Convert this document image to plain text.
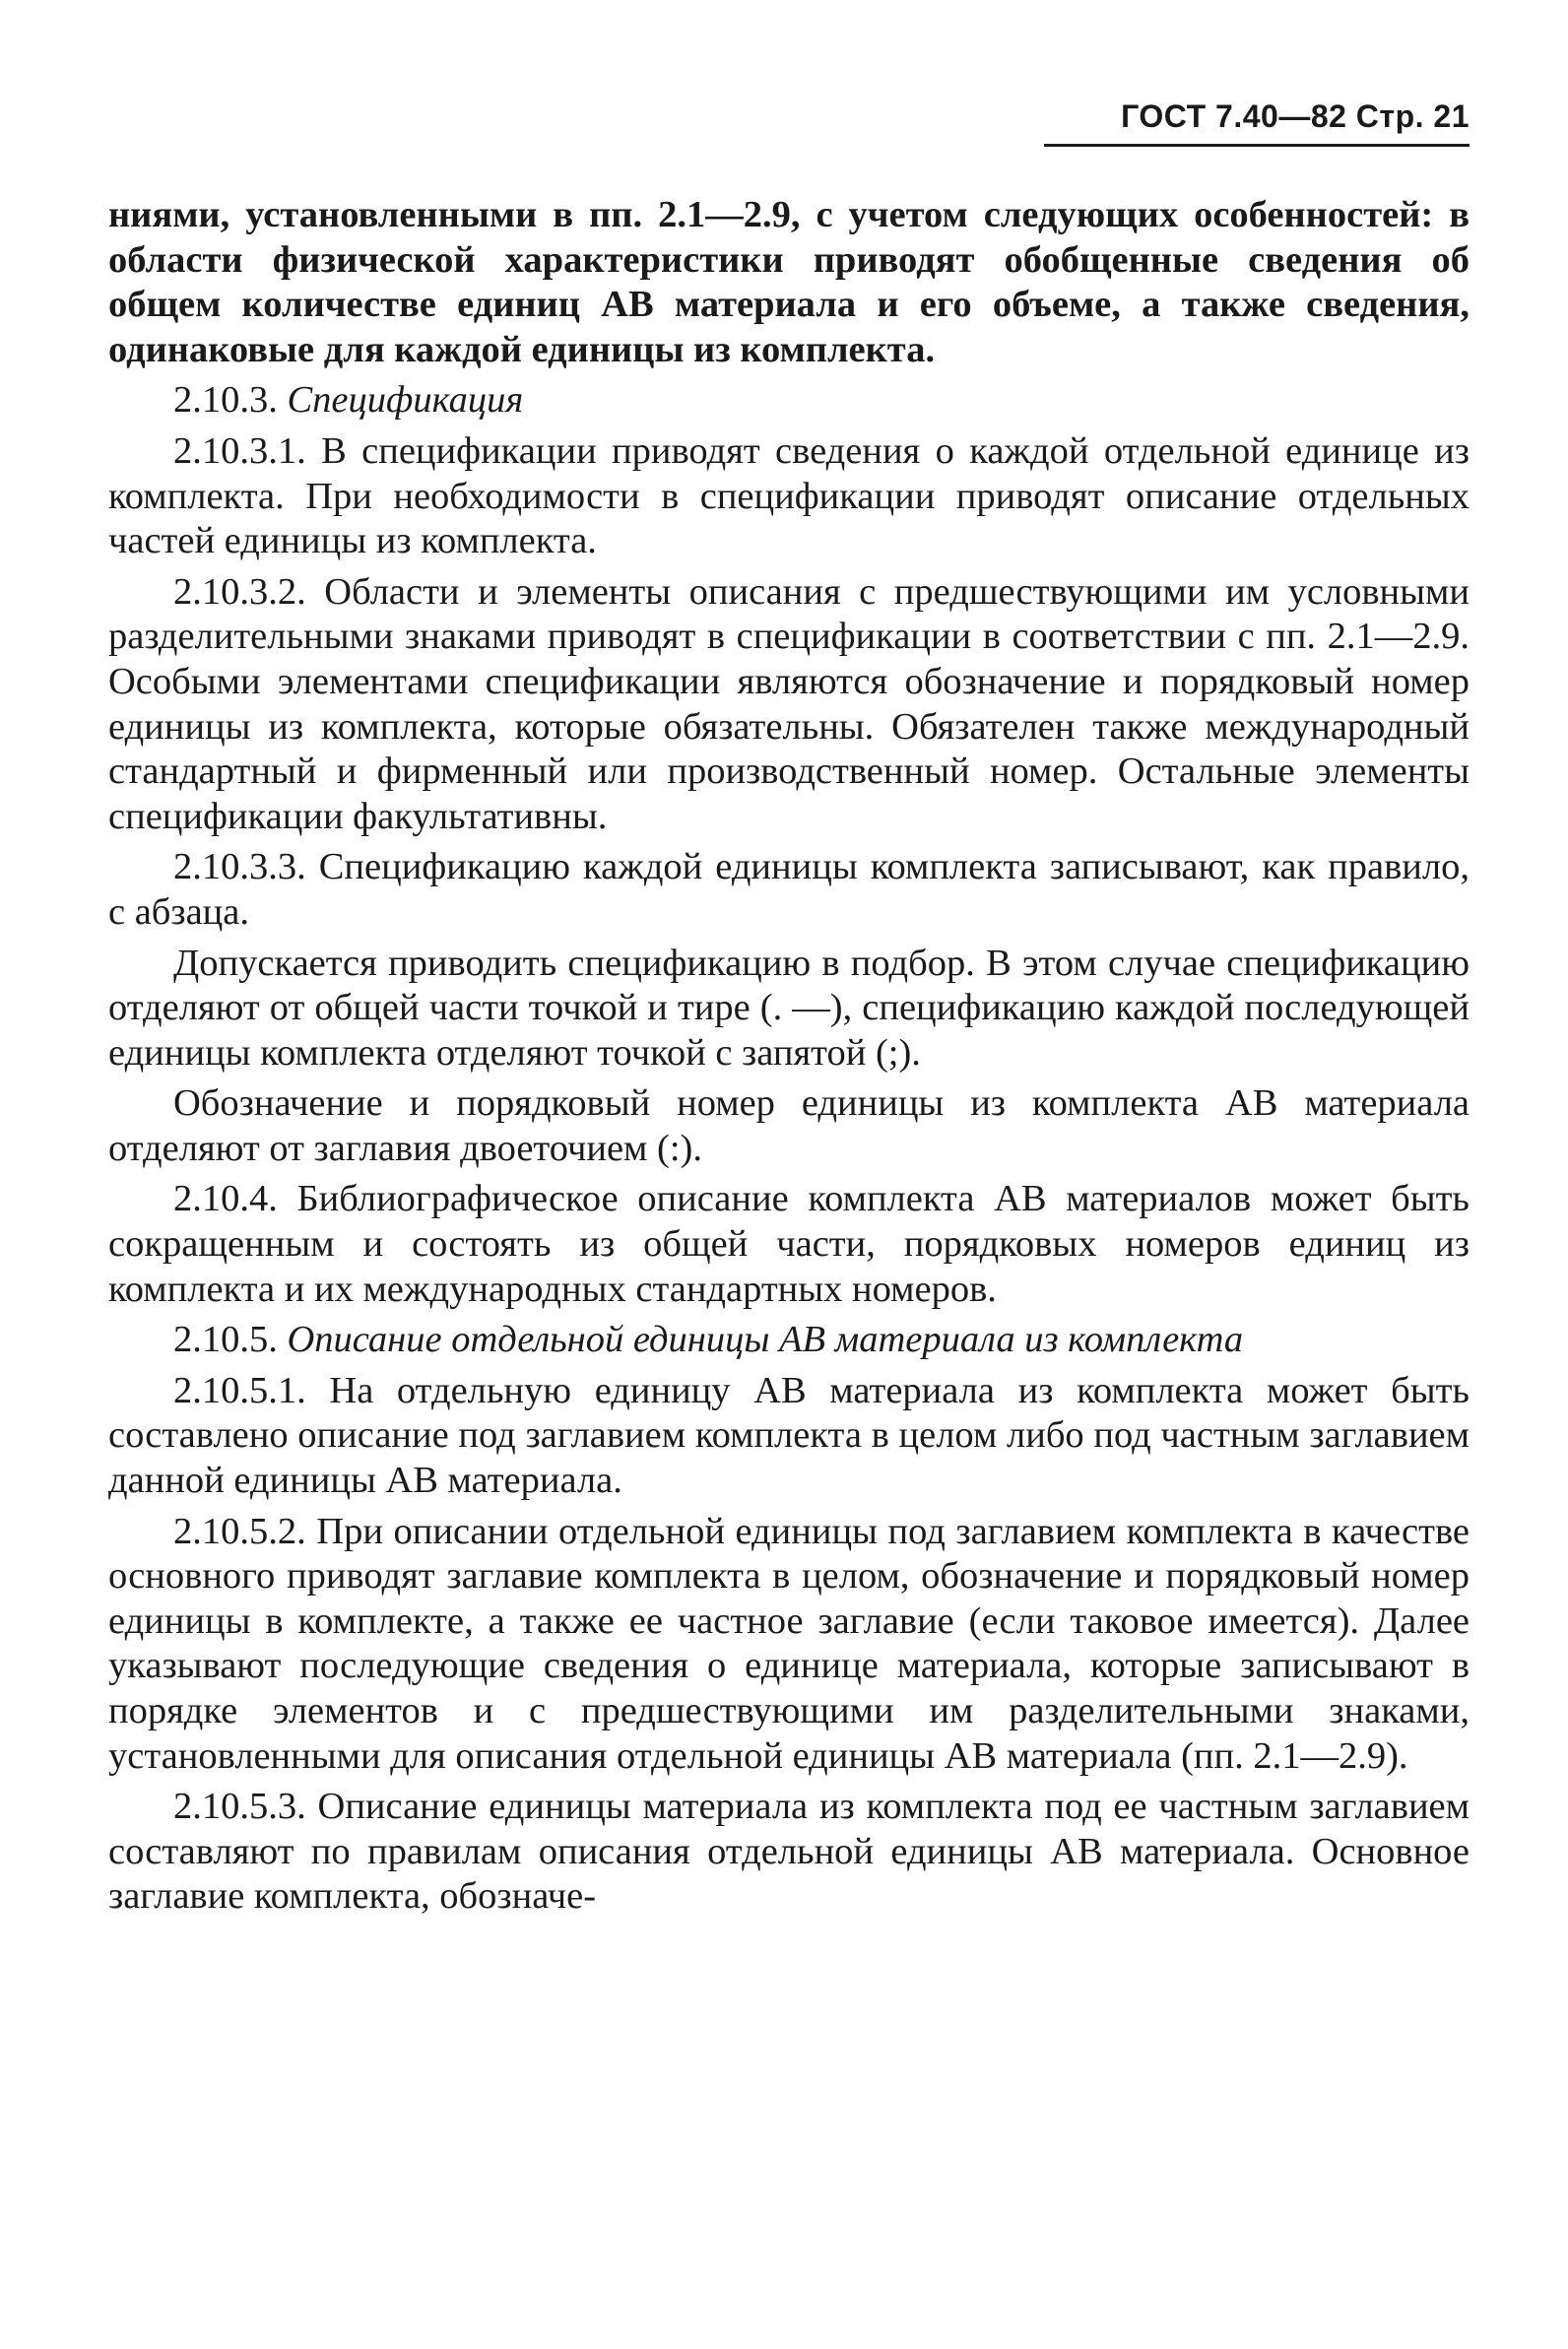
ГОСТ 7.40—82 Стр. 21

ниями, установленными в пп. 2.1—2.9, с учетом следующих особенностей: в области физической характеристики приводят обобщенные сведения об общем количестве единиц АВ материала и его объеме, а также сведения, одинаковые для каждой единицы из комплекта.

2.10.3. Спецификация

2.10.3.1. В спецификации приводят сведения о каждой отдельной единице из комплекта. При необходимости в спецификации приводят описание отдельных частей единицы из комплекта.

2.10.3.2. Области и элементы описания с предшествующими им условными разделительными знаками приводят в спецификации в соответствии с пп. 2.1—2.9. Особыми элементами спецификации являются обозначение и порядковый номер единицы из комплекта, которые обязательны. Обязателен также международный стандартный и фирменный или производственный номер. Остальные элементы спецификации факультативны.

2.10.3.3. Спецификацию каждой единицы комплекта записывают, как правило, с абзаца.

Допускается приводить спецификацию в подбор. В этом случае спецификацию отделяют от общей части точкой и тире (. —), спецификацию каждой последующей единицы комплекта отделяют точкой с запятой (;).

Обозначение и порядковый номер единицы из комплекта АВ материала отделяют от заглавия двоеточием (:).

2.10.4. Библиографическое описание комплекта АВ материалов может быть сокращенным и состоять из общей части, порядковых номеров единиц из комплекта и их международных стандартных номеров.

2.10.5. Описание отдельной единицы АВ материала из комплекта

2.10.5.1. На отдельную единицу АВ материала из комплекта может быть составлено описание под заглавием комплекта в целом либо под частным заглавием данной единицы АВ материала.

2.10.5.2. При описании отдельной единицы под заглавием комплекта в качестве основного приводят заглавие комплекта в целом, обозначение и порядковый номер единицы в комплекте, а также ее частное заглавие (если таковое имеется). Далее указывают последующие сведения о единице материала, которые записывают в порядке элементов и с предшествующими им разделительными знаками, установленными для описания отдельной единицы АВ материала (пп. 2.1—2.9).

2.10.5.3. Описание единицы материала из комплекта под ее частным заглавием составляют по правилам описания отдельной единицы АВ материала. Основное заглавие комплекта, обозначе-
